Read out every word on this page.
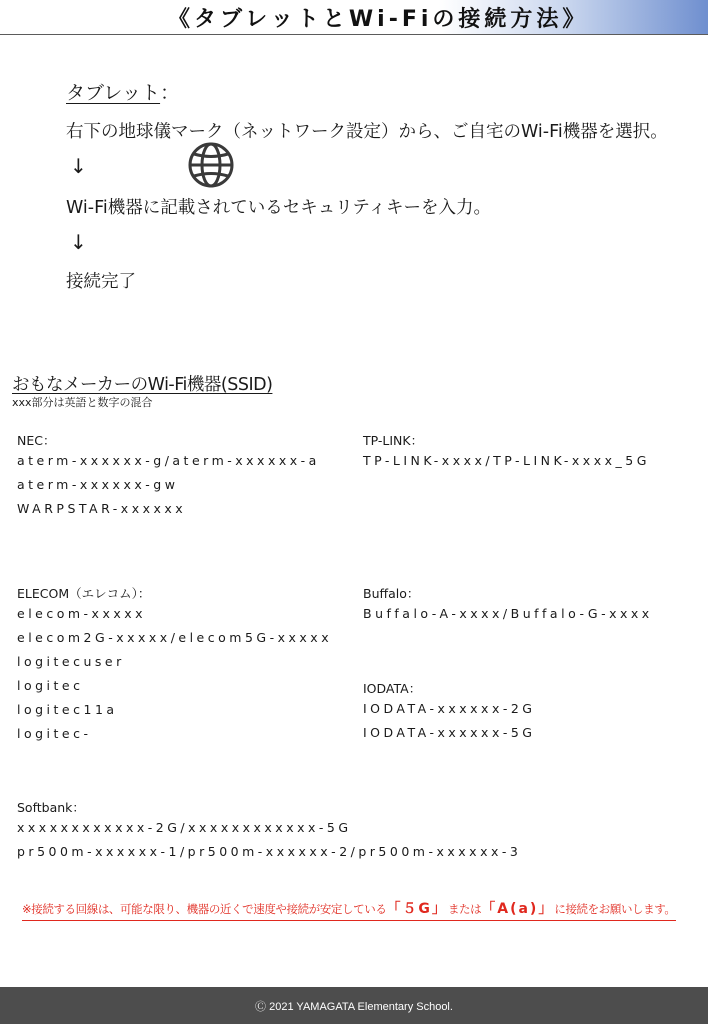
《タブレットとWi-Fiの接続方法》
タブレット：
右下の地球儀マーク（ネットワーク設定）から、ご自宅のWi-Fi機器を選択。
↓
Wi-Fi機器に記載されているセキュリティキーを入力。
↓
接続完了
おもなメーカーのWi-Fi機器(SSID)
xxx部分は英語と数字の混合
NEC：
aterm-xxxxxx-g/aterm-xxxxxx-a
aterm-xxxxxx-gw
WARPSTAR-xxxxxx
TP-LINK：
TP-LINK-xxxx/TP-LINK-xxxx_5G
ELECOM（エレコム）：
elecom-xxxxx
elecom2G-xxxxx/elecom5G-xxxxx
logitecuser
logitec
logitec11a
logitec-
Buffalo：
Buffalo-A-xxxx/Buffalo-G-xxxx
IODATA：
IODATA-xxxxxx-2G
IODATA-xxxxxx-5G
Softbank：
xxxxxxxxxxxx-2G/xxxxxxxxxxxx-5G
pr500m-xxxxxx-1/pr500m-xxxxxx-2/pr500m-xxxxxx-3
※接続する回線は、可能な限り、機器の近くで速度や接続が安定している「５G」または「A(a)」に接続をお願いします。
Ⓒ 2021 YAMAGATA Elementary School.
